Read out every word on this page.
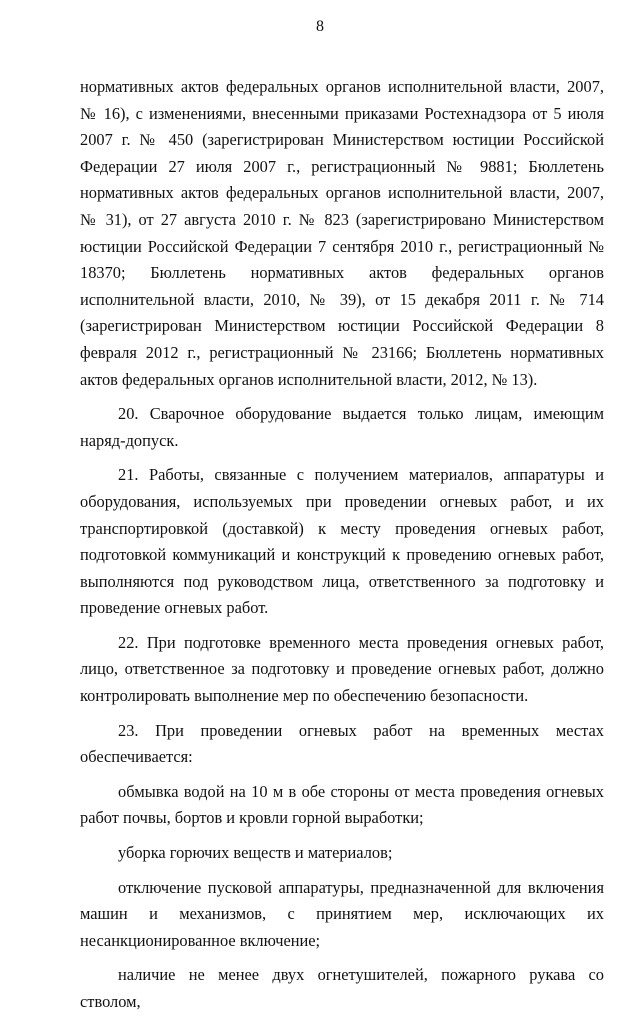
8

нормативных актов федеральных органов исполнительной власти, 2007, № 16), с изменениями, внесенными приказами Ростехнадзора от 5 июля 2007 г. № 450 (зарегистрирован Министерством юстиции Российской Федерации 27 июля 2007 г., регистрационный № 9881; Бюллетень нормативных актов федеральных органов исполнительной власти, 2007, № 31), от 27 августа 2010 г. № 823 (зарегистрировано Министерством юстиции Российской Федерации 7 сентября 2010 г., регистрационный № 18370; Бюллетень нормативных актов федеральных органов исполнительной власти, 2010, № 39), от 15 декабря 2011 г. № 714 (зарегистрирован Министерством юстиции Российской Федерации 8 февраля 2012 г., регистрационный № 23166; Бюллетень нормативных актов федеральных органов исполнительной власти, 2012, № 13).

20. Сварочное оборудование выдается только лицам, имеющим наряд-допуск.

21. Работы, связанные с получением материалов, аппаратуры и оборудования, используемых при проведении огневых работ, и их транспортировкой (доставкой) к месту проведения огневых работ, подготовкой коммуникаций и конструкций к проведению огневых работ, выполняются под руководством лица, ответственного за подготовку и проведение огневых работ.

22. При подготовке временного места проведения огневых работ, лицо, ответственное за подготовку и проведение огневых работ, должно контролировать выполнение мер по обеспечению безопасности.

23. При проведении огневых работ на временных местах обеспечивается:

обмывка водой на 10 м в обе стороны от места проведения огневых работ почвы, бортов и кровли горной выработки;

уборка горючих веществ и материалов;

отключение пусковой аппаратуры, предназначенной для включения машин и механизмов, с принятием мер, исключающих их несанкционированное включение;

наличие не менее двух огнетушителей, пожарного рукава со стволом,
